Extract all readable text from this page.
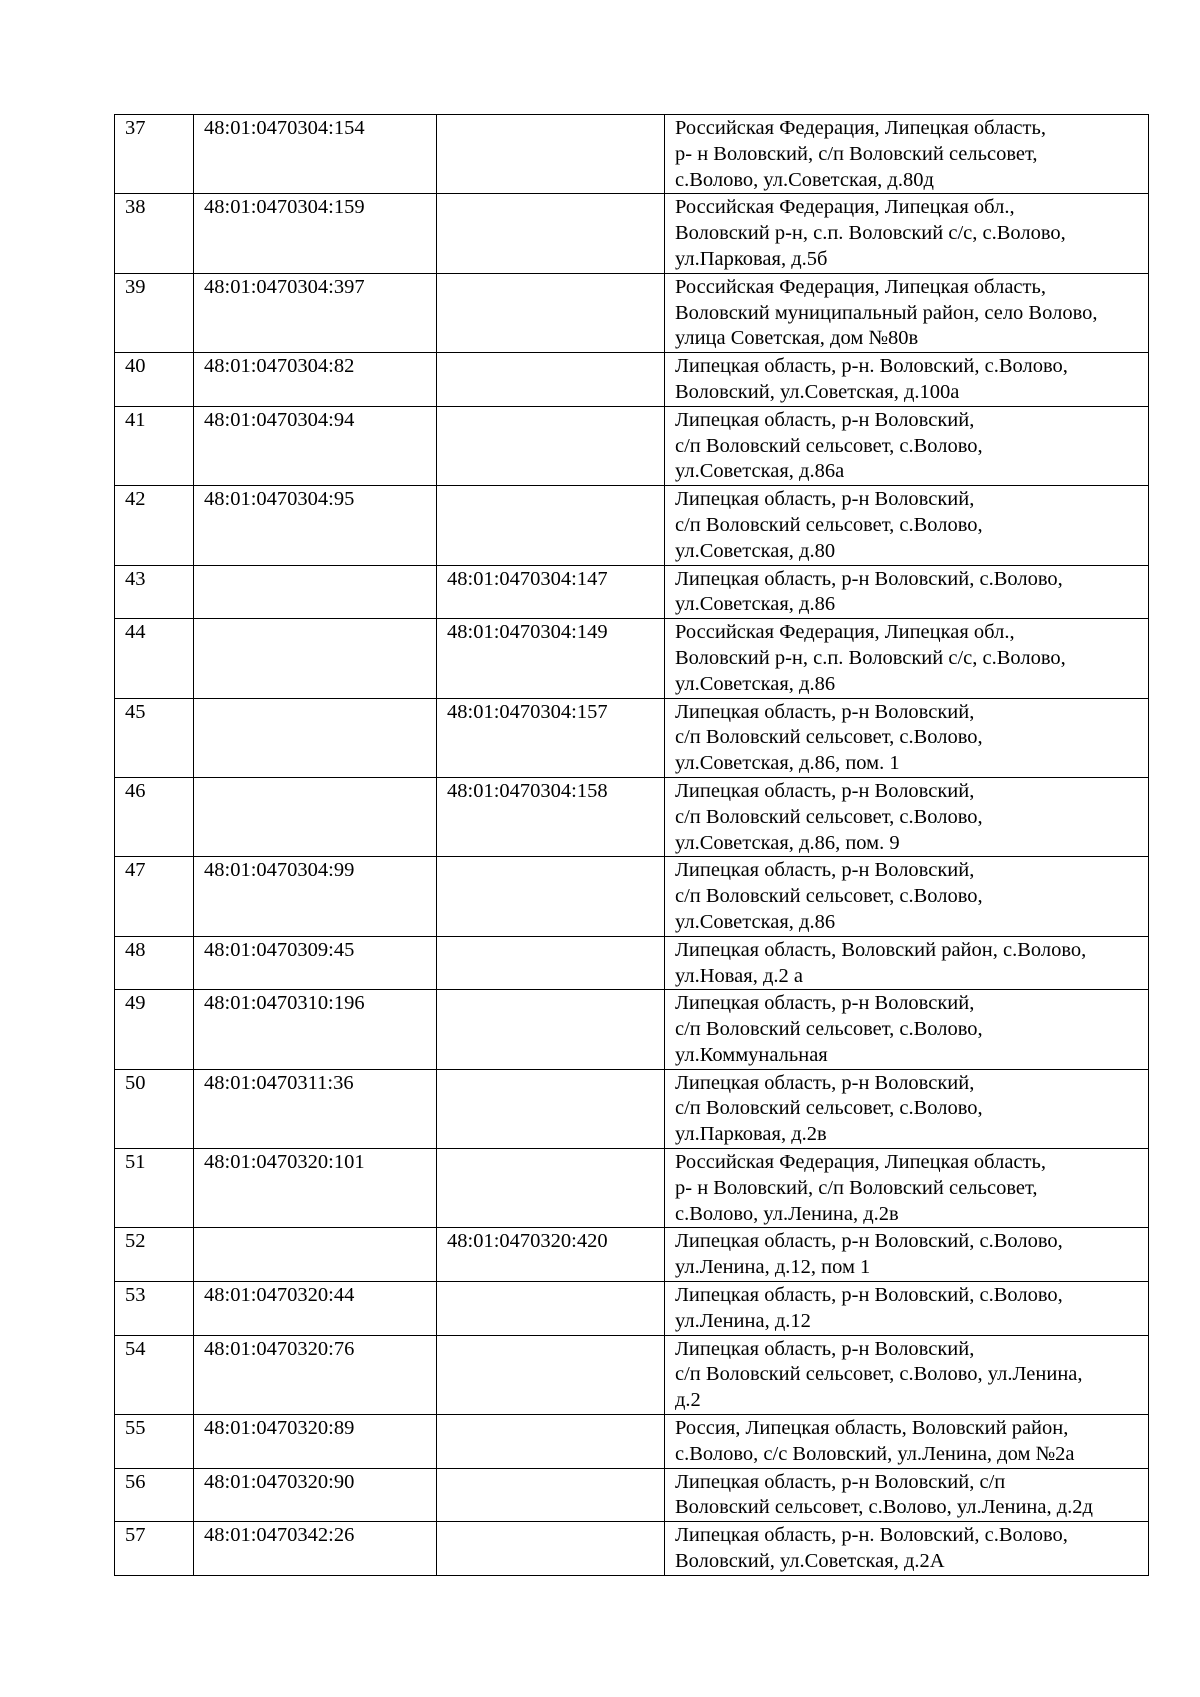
37	48:01:0470304:154		Российская Федерация, Липецкая область,
р- н Воловский, с/п Воловский сельсовет,
с.Волово, ул.Советская, д.80д
38	48:01:0470304:159		Российская Федерация, Липецкая обл.,
Воловский р-н, с.п. Воловский с/с, с.Волово,
ул.Парковая, д.5б
39	48:01:0470304:397		Российская Федерация, Липецкая область,
Воловский муниципальный район, село Волово,
улица Советская, дом №80в
40	48:01:0470304:82		Липецкая область, р-н. Воловский, с.Волово,
Воловский, ул.Советская, д.100а
41	48:01:0470304:94		Липецкая область, р-н Воловский,
с/п Воловский сельсовет, с.Волово,
ул.Советская, д.86а
42	48:01:0470304:95		Липецкая область, р-н Воловский,
с/п Воловский сельсовет, с.Волово,
ул.Советская, д.80
43		48:01:0470304:147	Липецкая область, р-н Воловский, с.Волово,
ул.Советская, д.86
44		48:01:0470304:149	Российская Федерация, Липецкая обл.,
Воловский р-н, с.п. Воловский с/с, с.Волово,
ул.Советская, д.86
45		48:01:0470304:157	Липецкая область, р-н Воловский,
с/п Воловский сельсовет, с.Волово,
ул.Советская, д.86, пом. 1
46		48:01:0470304:158	Липецкая область, р-н Воловский,
с/п Воловский сельсовет, с.Волово,
ул.Советская, д.86, пом. 9
47	48:01:0470304:99		Липецкая область, р-н Воловский,
с/п Воловский сельсовет, с.Волово,
ул.Советская, д.86
48	48:01:0470309:45		Липецкая область, Воловский район, с.Волово,
ул.Новая, д.2 а
49	48:01:0470310:196		Липецкая область, р-н Воловский,
с/п Воловский сельсовет, с.Волово,
ул.Коммунальная
50	48:01:0470311:36		Липецкая область, р-н Воловский,
с/п Воловский сельсовет, с.Волово,
ул.Парковая, д.2в
51	48:01:0470320:101		Российская Федерация, Липецкая область,
р- н Воловский, с/п Воловский сельсовет,
с.Волово, ул.Ленина, д.2в
52		48:01:0470320:420	Липецкая область, р-н Воловский, с.Волово,
ул.Ленина, д.12, пом 1
53	48:01:0470320:44		Липецкая область, р-н Воловский, с.Волово,
ул.Ленина, д.12
54	48:01:0470320:76		Липецкая область, р-н Воловский,
с/п Воловский сельсовет, с.Волово, ул.Ленина,
д.2
55	48:01:0470320:89		Россия, Липецкая область, Воловский район,
с.Волово, с/с Воловский, ул.Ленина, дом №2а
56	48:01:0470320:90		Липецкая область, р-н Воловский, с/п
Воловский сельсовет, с.Волово, ул.Ленина, д.2д
57	48:01:0470342:26		Липецкая область, р-н. Воловский, с.Волово,
Воловский, ул.Советская, д.2А
